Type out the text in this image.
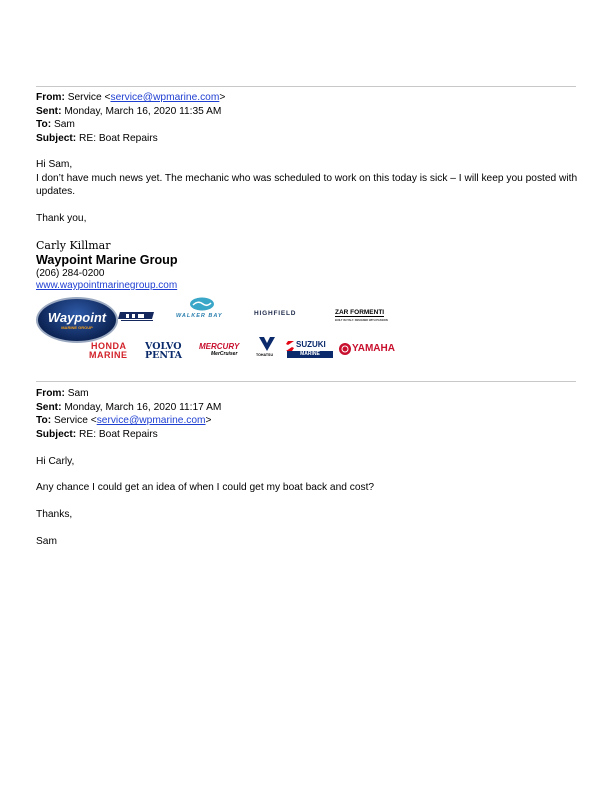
From: Service <service@wpmarine.com>
Sent: Monday, March 16, 2020 11:35 AM
To: Sam
Subject: RE: Boat Repairs
Hi Sam,
I don’t have much news yet. The mechanic who was scheduled to work on this today is sick – I will keep you posted with updates.
Thank you,
Carly Killmar
Waypoint Marine Group
(206) 284-0200
www.waypointmarinegroup.com
Waypoint
MARINE GROUP
WALKER BAY	HIGHFIELD	ZAR FORMENTI
BUILT IN ITALY. DESIGNED WITH PASSION
HONDA
MARINE
VOLVO
PENTA
MERCURY
MerCruiser	TOHATSU
SUZUKI
MARINE	YAMAHA
From: Sam
Sent: Monday, March 16, 2020 11:17 AM
To: Service <service@wpmarine.com>
Subject: RE: Boat Repairs
Hi Carly,
Any chance I could get an idea of when I could get my boat back and cost?
Thanks,
Sam
